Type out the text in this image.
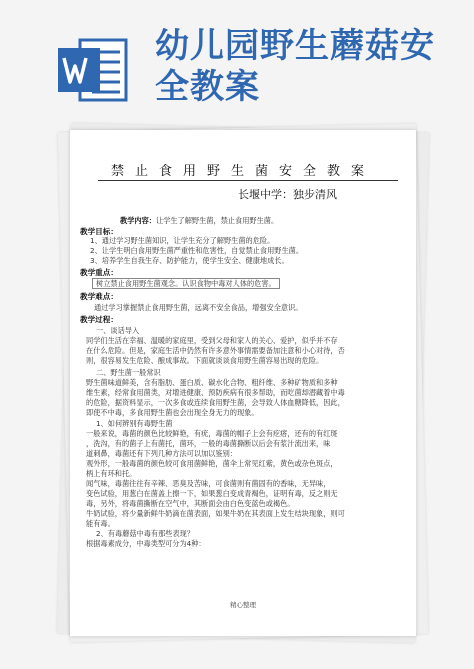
幼儿园野生蘑菇安
全教案
禁止食用野生菌安全教案
长堰中学：独步清风
教学内容：让学生了解野生菌，禁止食用野生菌。
教学目标：
1、通过学习野生菌知识，让学生充分了解野生菌的危险。
2、让学生明白食用野生菌严重性和危害性，自觉禁止食用野生菌。
3、培养学生自我生存、防护能力，使学生安全、健康地成长。
教学重点：
树立禁止食用野生菌观念。认识食物中毒对人体的危害。
教学难点：
通过学习掌握禁止食用野生菌，远离不安全食品，增强安全意识。
教学过程：
一、谈话导入
同学们生活在幸福、温暖的家庭里，受到父母和家人的关心、爱护，似乎并不存
在什么危险。但是，家庭生活中仍然有许多意外事情需要备加注意和小心对待，否
则，很容易发生危险、酿成事故。下面就谈谈食用野生菌容易出现的危险。
二、野生菌一般常识
野生菌味道鲜美，含有脂肪、蛋白质、碳水化合物、粗纤维、多种矿物质和多种
维生素，经常食用菌类，对增进健康、预防疾病有很多帮助，而吃菌却潜藏着中毒
的危险，据资料显示，一次多食或连续食用野生菌，会导致人体血糖降低，因此，
即使不中毒，多食用野生菌也会出现全身无力的现象。
1、如何辨别有毒野生菌
一般来说，毒菌的颜色比较鲜艳，有疣，毒菌的帽子上会有疙瘩，还有的有红斑
，洗沟，有的菌子上有菌托，菌环，一般的毒菌撕断以后会有浆汁流出来，味
道刺鼻，毒菌还有下列几种方法可以加以鉴别：
观外形，一般毒菌的颜色较可食用菌鲜艳，菌伞上常见红紫，黄色或杂色斑点，
柄上有环和托。
闻气味，毒菌往往有辛辣、恶臭及苦味，可食菌则有菌固有的香味，无异味，
变色试验，用葱白在菌盖上擦一下，如果葱白变成青褐色，证明有毒，反之则无
毒，另外，将毒菌撕断在空气中，其断面会由白色变蓝色或褐色。
牛奶试验，将少量新鲜牛奶滴在菌表面，如果牛奶在其表面上发生结块现象，则可
能有毒。
2、有毒蘑菇中毒有那些表现？
根据毒素成分，中毒类型可分为4种：
精心整理
